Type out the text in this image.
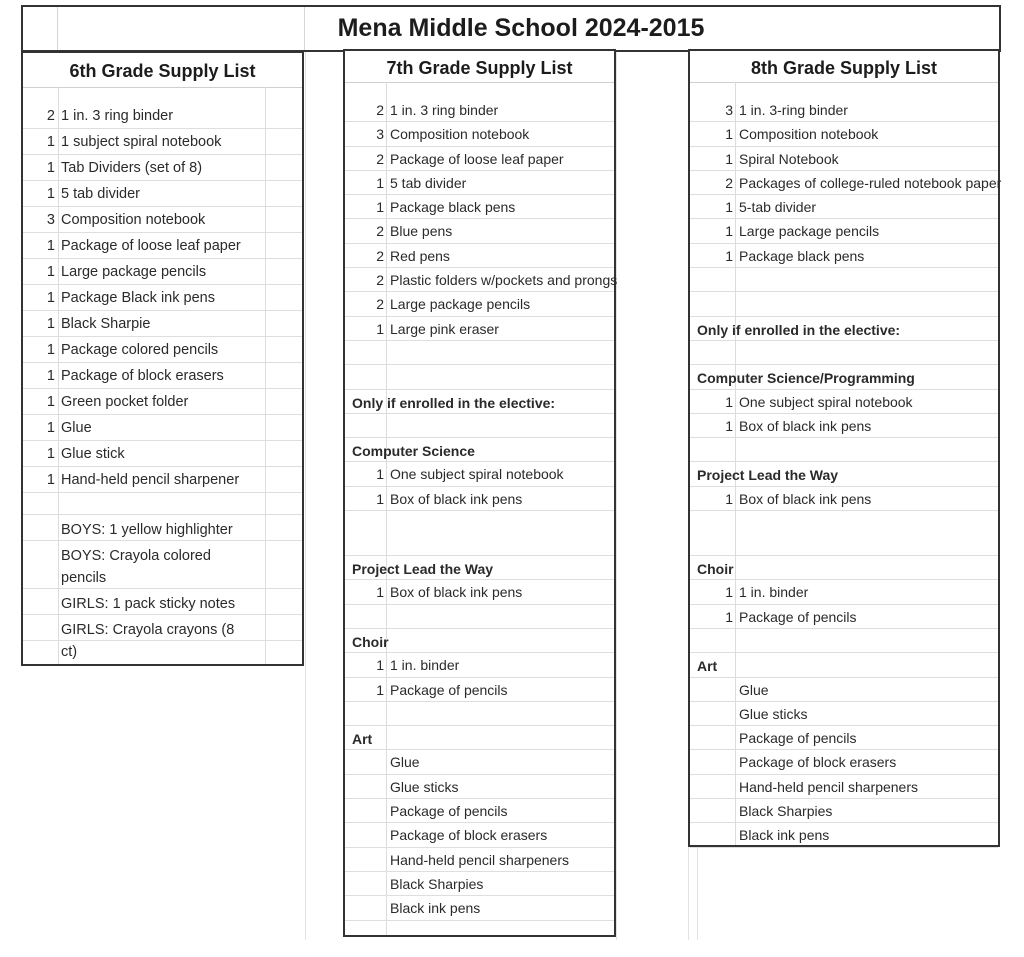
Mena Middle School 2024-2015
6th Grade Supply List
2 1 in. 3 ring binder
1 1 subject spiral notebook
1 Tab Dividers (set of 8)
1 5 tab divider
3 Composition notebook
1 Package of loose leaf paper
1 Large package pencils
1 Package Black ink pens
1 Black Sharpie
1 Package colored pencils
1 Package of block erasers
1 Green pocket folder
1 Glue
1 Glue stick
1 Hand-held pencil sharpener
BOYS: 1 yellow highlighter
BOYS: Crayola colored pencils
GIRLS: 1 pack sticky notes
GIRLS: Crayola crayons (8 ct)
7th Grade Supply List
2 1 in. 3 ring binder
3 Composition notebook
2 Package of loose leaf paper
1 5 tab divider
1 Package black pens
2 Blue pens
2 Red pens
2 Plastic folders w/pockets and prongs
2 Large package pencils
1 Large pink eraser
Only if enrolled in the elective:
Computer Science
1 One subject spiral notebook
1 Box of black ink pens
Project Lead the Way
1 Box of black ink pens
Choir
1 1 in. binder
1 Package of pencils
Art
Glue
Glue sticks
Package of pencils
Package of block erasers
Hand-held pencil sharpeners
Black Sharpies
Black ink pens
8th Grade Supply List
3 1 in. 3-ring binder
1 Composition notebook
1 Spiral Notebook
2 Packages of college-ruled notebook paper
1 5-tab divider
1 Large package pencils
1 Package black pens
Only if enrolled in the elective:
Computer Science/Programming
1 One subject spiral notebook
1 Box of black ink pens
Project Lead the Way
1 Box of black ink pens
Choir
1 1 in. binder
1 Package of pencils
Art
Glue
Glue sticks
Package of pencils
Package of block erasers
Hand-held pencil sharpeners
Black Sharpies
Black ink pens
